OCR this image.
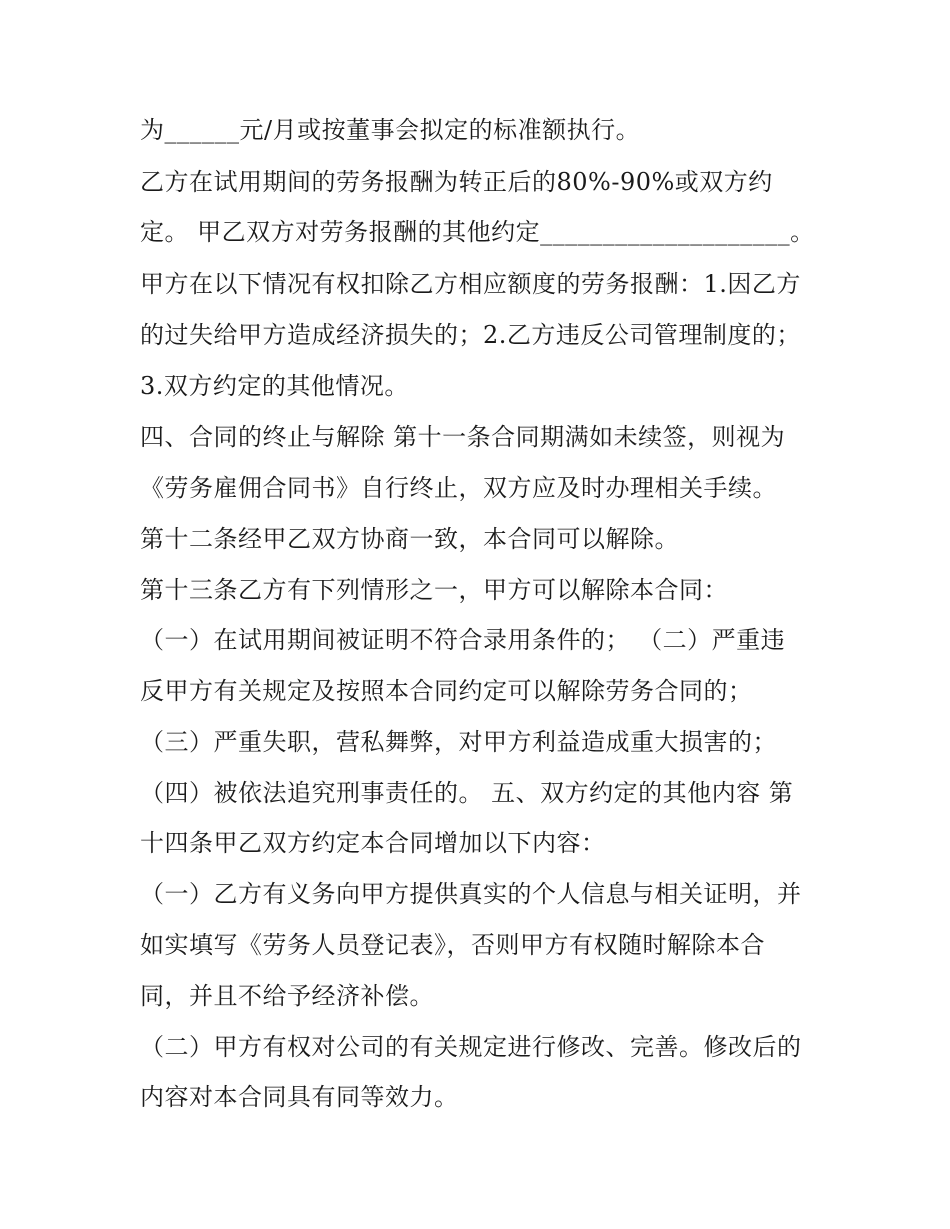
为______元/月或按董事会拟定的标准额执行。
乙方在试用期间的劳务报酬为转正后的80%-90%或双方约
定。 甲乙双方对劳务报酬的其他约定____________________。
甲方在以下情况有权扣除乙方相应额度的劳务报酬：1.因乙方
的过失给甲方造成经济损失的；2.乙方违反公司管理制度的；
3.双方约定的其他情况。
四、合同的终止与解除 第十一条合同期满如未续签，则视为
《劳务雇佣合同书》自行终止，双方应及时办理相关手续。
第十二条经甲乙双方协商一致，本合同可以解除。
第十三条乙方有下列情形之一，甲方可以解除本合同：
（一）在试用期间被证明不符合录用条件的； （二）严重违
反甲方有关规定及按照本合同约定可以解除劳务合同的；
（三）严重失职，营私舞弊，对甲方利益造成重大损害的；
（四）被依法追究刑事责任的。 五、双方约定的其他内容 第
十四条甲乙双方约定本合同增加以下内容：
（一）乙方有义务向甲方提供真实的个人信息与相关证明，并
如实填写《劳务人员登记表》，否则甲方有权随时解除本合
同，并且不给予经济补偿。
（二）甲方有权对公司的有关规定进行修改、完善。修改后的
内容对本合同具有同等效力。
